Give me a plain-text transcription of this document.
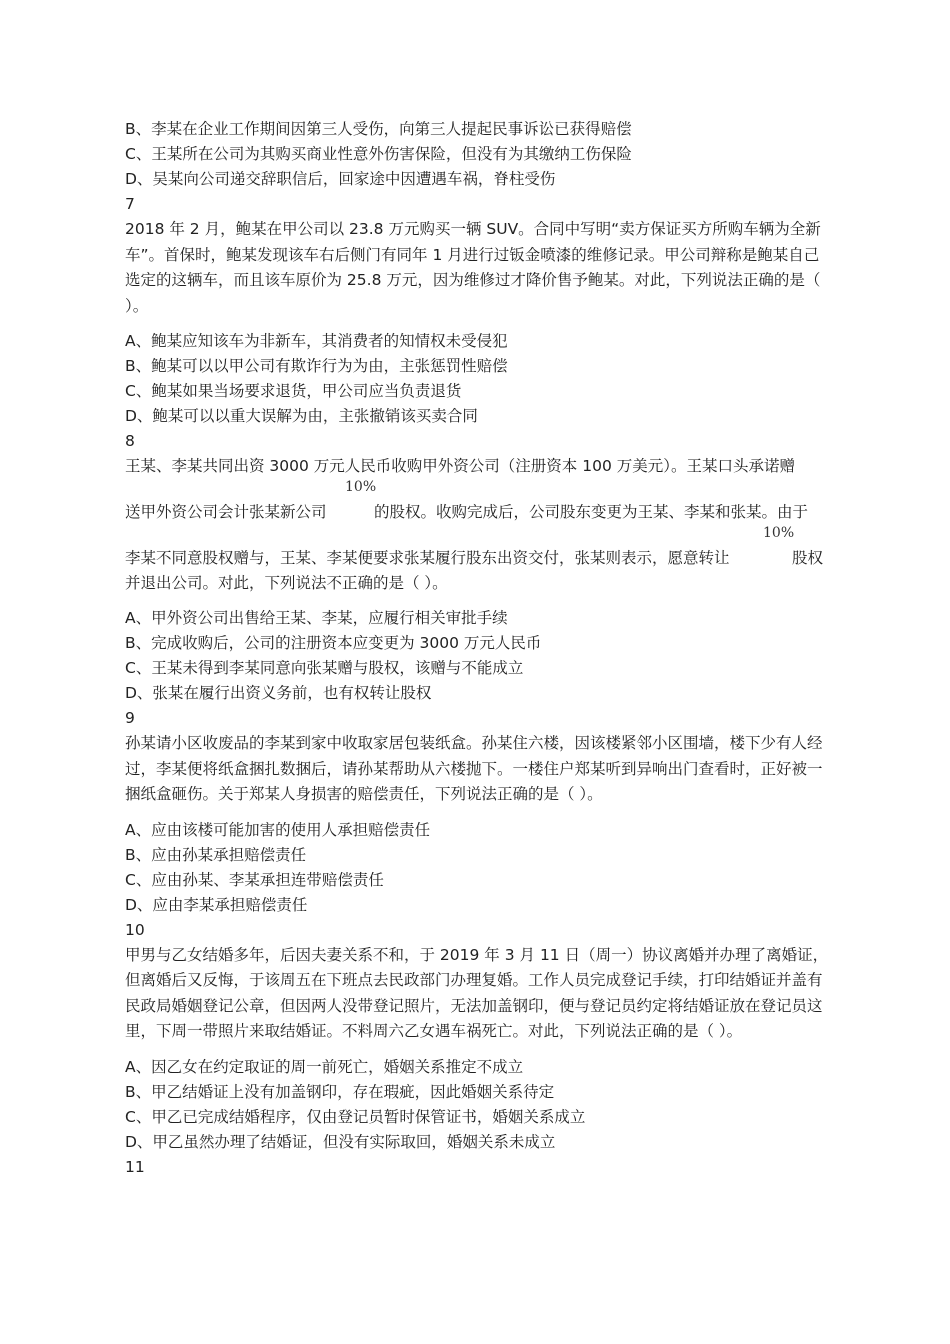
B、李某在企业工作期间因第三人受伤，向第三人提起民事诉讼已获得赔偿
C、王某所在公司为其购买商业性意外伤害保险，但没有为其缴纳工伤保险
D、吴某向公司递交辞职信后，回家途中因遭遇车祸，脊柱受伤
7
2018 年 2 月，鲍某在甲公司以 23.8 万元购买一辆 SUV。合同中写明“卖方保证买方所购车辆为全新车”。首保时，鲍某发现该车右后侧门有同年 1 月进行过钣金喷漆的维修记录。甲公司辩称是鲍某自己选定的这辆车，而且该车原价为 25.8 万元，因为维修过才降价售予鲍某。对此，下列说法正确的是（ ）。
A、鲍某应知该车为非新车，其消费者的知情权未受侵犯
B、鲍某可以以甲公司有欺诈行为为由，主张惩罚性赔偿
C、鲍某如果当场要求退货，甲公司应当负责退货
D、鲍某可以以重大误解为由，主张撤销该买卖合同
8
王某、李某共同出资 3000 万元人民币收购甲外资公司（注册资本 100 万美元）。王某口头承诺赠
送甲外资公司会计张某新公司
10%
的股权。收购完成后，公司股东变更为王某、李某和张某。由于
李某不同意股权赠与，王某、李某便要求张某履行股东出资交付，张某则表示，愿意转让
10%
股权
并退出公司。对此，下列说法不正确的是（ ）。
A、甲外资公司出售给王某、李某，应履行相关审批手续
B、完成收购后，公司的注册资本应变更为 3000 万元人民币
C、王某未得到李某同意向张某赠与股权，该赠与不能成立
D、张某在履行出资义务前，也有权转让股权
9
孙某请小区收废品的李某到家中收取家居包装纸盒。孙某住六楼，因该楼紧邻小区围墙，楼下少有人经过，李某便将纸盒捆扎数捆后，请孙某帮助从六楼抛下。一楼住户郑某听到异响出门查看时，正好被一捆纸盒砸伤。关于郑某人身损害的赔偿责任，下列说法正确的是（ ）。
A、应由该楼可能加害的使用人承担赔偿责任
B、应由孙某承担赔偿责任
C、应由孙某、李某承担连带赔偿责任
D、应由李某承担赔偿责任
10
甲男与乙女结婚多年，后因夫妻关系不和，于 2019 年 3 月 11 日（周一）协议离婚并办理了离婚证，但离婚后又反悔，于该周五在下班点去民政部门办理复婚。工作人员完成登记手续，打印结婚证并盖有民政局婚姻登记公章，但因两人没带登记照片，无法加盖钢印，便与登记员约定将结婚证放在登记员这里，下周一带照片来取结婚证。不料周六乙女遇车祸死亡。对此，下列说法正确的是（ ）。
A、因乙女在约定取证的周一前死亡，婚姻关系推定不成立
B、甲乙结婚证上没有加盖钢印，存在瑕疵，因此婚姻关系待定
C、甲乙已完成结婚程序，仅由登记员暂时保管证书，婚姻关系成立
D、甲乙虽然办理了结婚证，但没有实际取回，婚姻关系未成立
11
